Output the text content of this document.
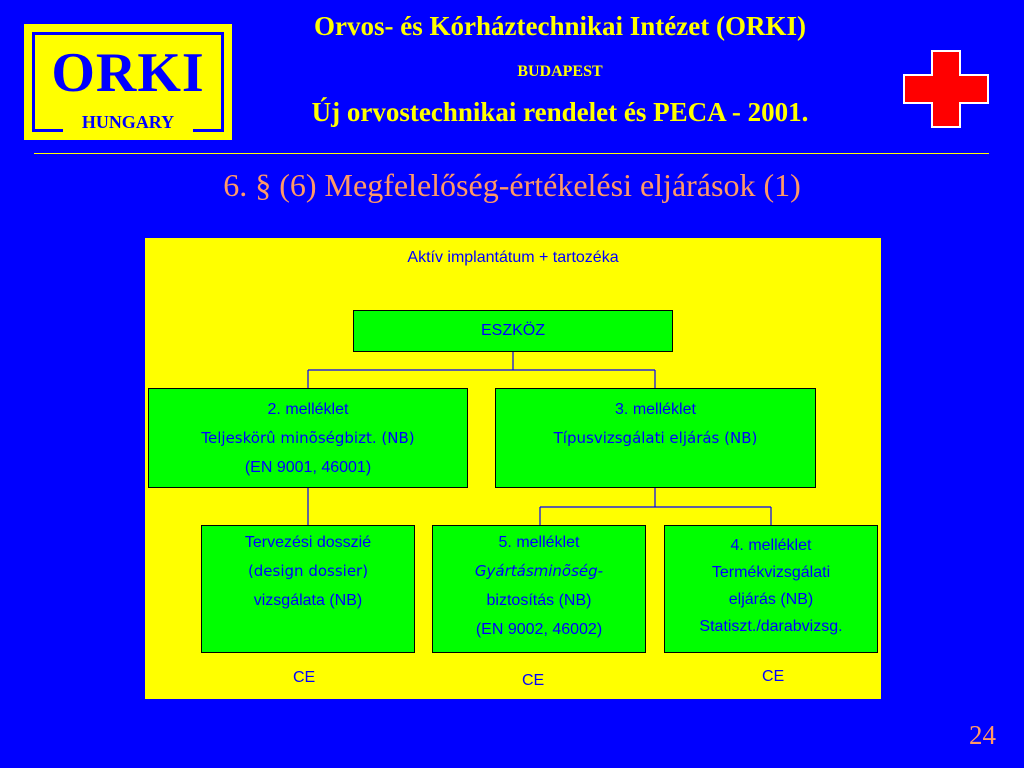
ORKI
HUNGARY
Orvos- és Kórháztechnikai Intézet (ORKI)
BUDAPEST
Új orvostechnikai rendelet és PECA - 2001.
6. § (6) Megfelelőség-értékelési eljárások (1)
Aktív implantátum + tartozéka
ESZKÖZ
2. melléklet
Teljeskörû minõségbizt. (NB)
(EN 9001, 46001)
3. melléklet
Típusvizsgálati eljárás (NB)
Tervezési dosszié
(design dossier)
vizsgálata (NB)
5. melléklet
Gyártásminõség-
biztosítás (NB)
(EN 9002, 46002)
4. melléklet
Termékvizsgálati
eljárás (NB)
Statiszt./darabvizsg.
CE	CE	CE
24
